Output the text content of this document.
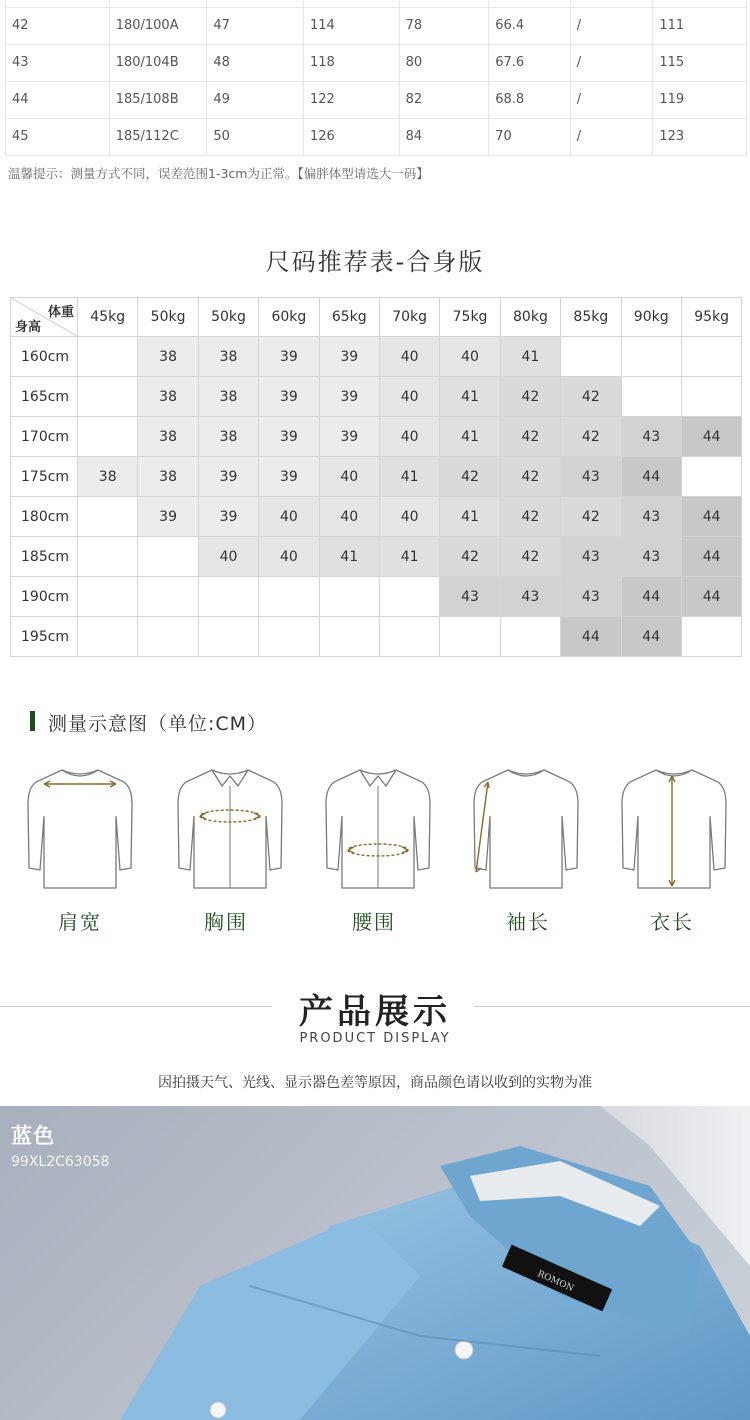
42	180/100A	47	114	78	66.4	/	111
43	180/104B	48	118	80	67.6	/	115
44	185/108B	49	122	82	68.8	/	119
45	185/112C	50	126	84	70	/	123
温馨提示：测量方式不同，误差范围1-3cm为正常。【偏胖体型请选大一码】
尺码推荐表-合身版
体重
身高	45kg	50kg	50kg	60kg	65kg	70kg	75kg	80kg	85kg	90kg	95kg
160cm		38	38	39	39	40	40	41			
165cm		38	38	39	39	40	41	42	42		
170cm		38	38	39	39	40	41	42	42	43	44
175cm	38	38	39	39	40	41	42	42	43	44	
180cm		39	39	40	40	40	41	42	42	43	44
185cm			40	40	41	41	42	42	43	43	44
190cm							43	43	43	44	44
195cm									44	44	
测量示意图（单位:CM）
肩宽	胸围	腰围	袖长	衣长
产品展示
PRODUCT DISPLAY
因拍摄天气、光线、显示器色差等原因，商品颜色请以收到的实物为准
ROMON
蓝色
99XL2C63058
